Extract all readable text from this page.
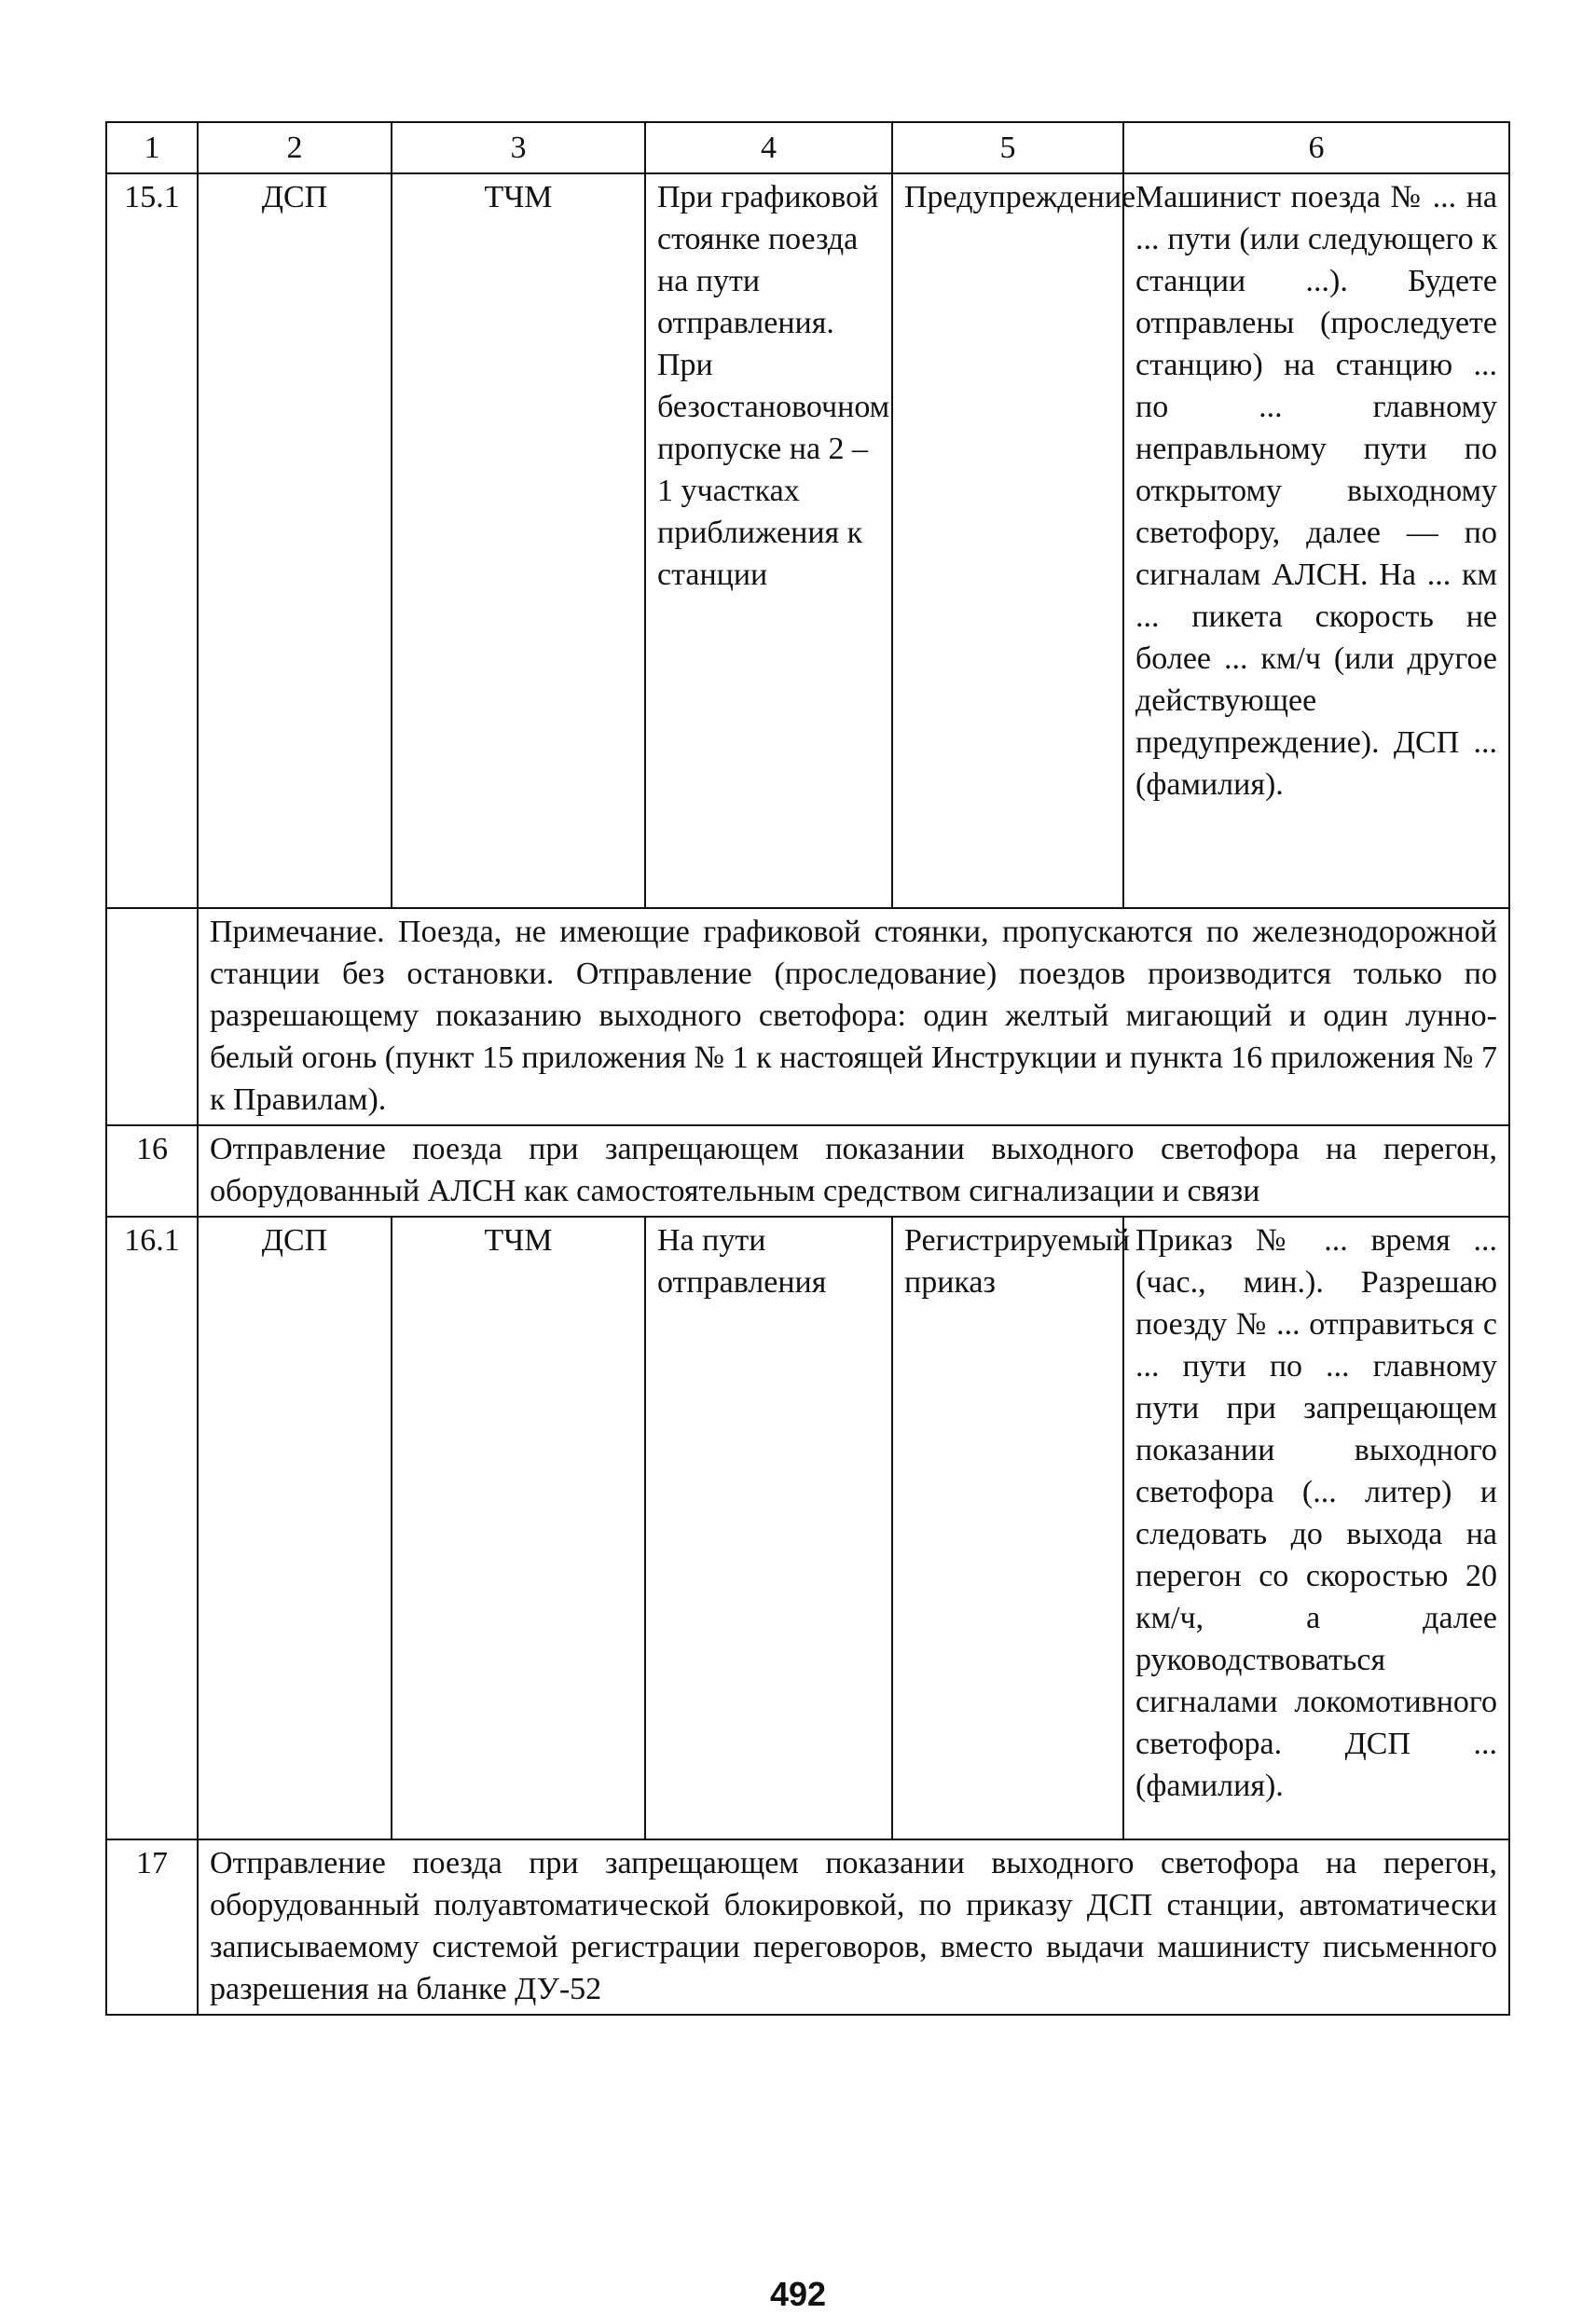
1	2	3	4	5	6
15.1	ДСП	ТЧМ	При графиковой стоянке поезда на пути отправления. При безостановочном пропуске на 2 – 1 участках приближения к станции	Предупреждение	Машинист поезда № ... на ... пути (или следующего к станции ...). Будете отправлены (проследуете станцию) на станцию ... по ... главному неправльному пути по открытому выходному светофору, далее — по сигналам АЛСН. На ... км ... пикета скорость не более ... км/ч (или другое действующее предупреждение). ДСП ... (фамилия).
	Примечание. Поезда, не имеющие графиковой стоянки, пропускаются по железнодорожной станции без остановки. Отправление (проследование) поездов производится только по разрешающему показанию выходного светофора: один желтый мигающий и один лунно-белый огонь (пункт 15 приложения № 1 к настоящей Инструкции и пункта 16 приложения № 7 к Правилам).				
16	Отправление поезда при запрещающем показании выходного светофора на перегон, оборудованный АЛСН как самостоятельным средством сигнализации и связи				
16.1	ДСП	ТЧМ	На пути отправления	Регистрируемый приказ	Приказ № ... время ... (час., мин.). Разрешаю поезду № ... отправиться с ... пути по ... главному пути при запрещающем показании выходного светофора (... литер) и следовать до выхода на перегон со скоростью 20 км/ч, а далее руководствоваться сигналами локомотивного светофора. ДСП ... (фамилия).
17	Отправление поезда при запрещающем показании выходного светофора на перегон, оборудованный полуавтоматической блокировкой, по приказу ДСП станции, автоматически записываемому системой регистрации переговоров, вместо выдачи машинисту письменного разрешения на бланке ДУ-52				
492
